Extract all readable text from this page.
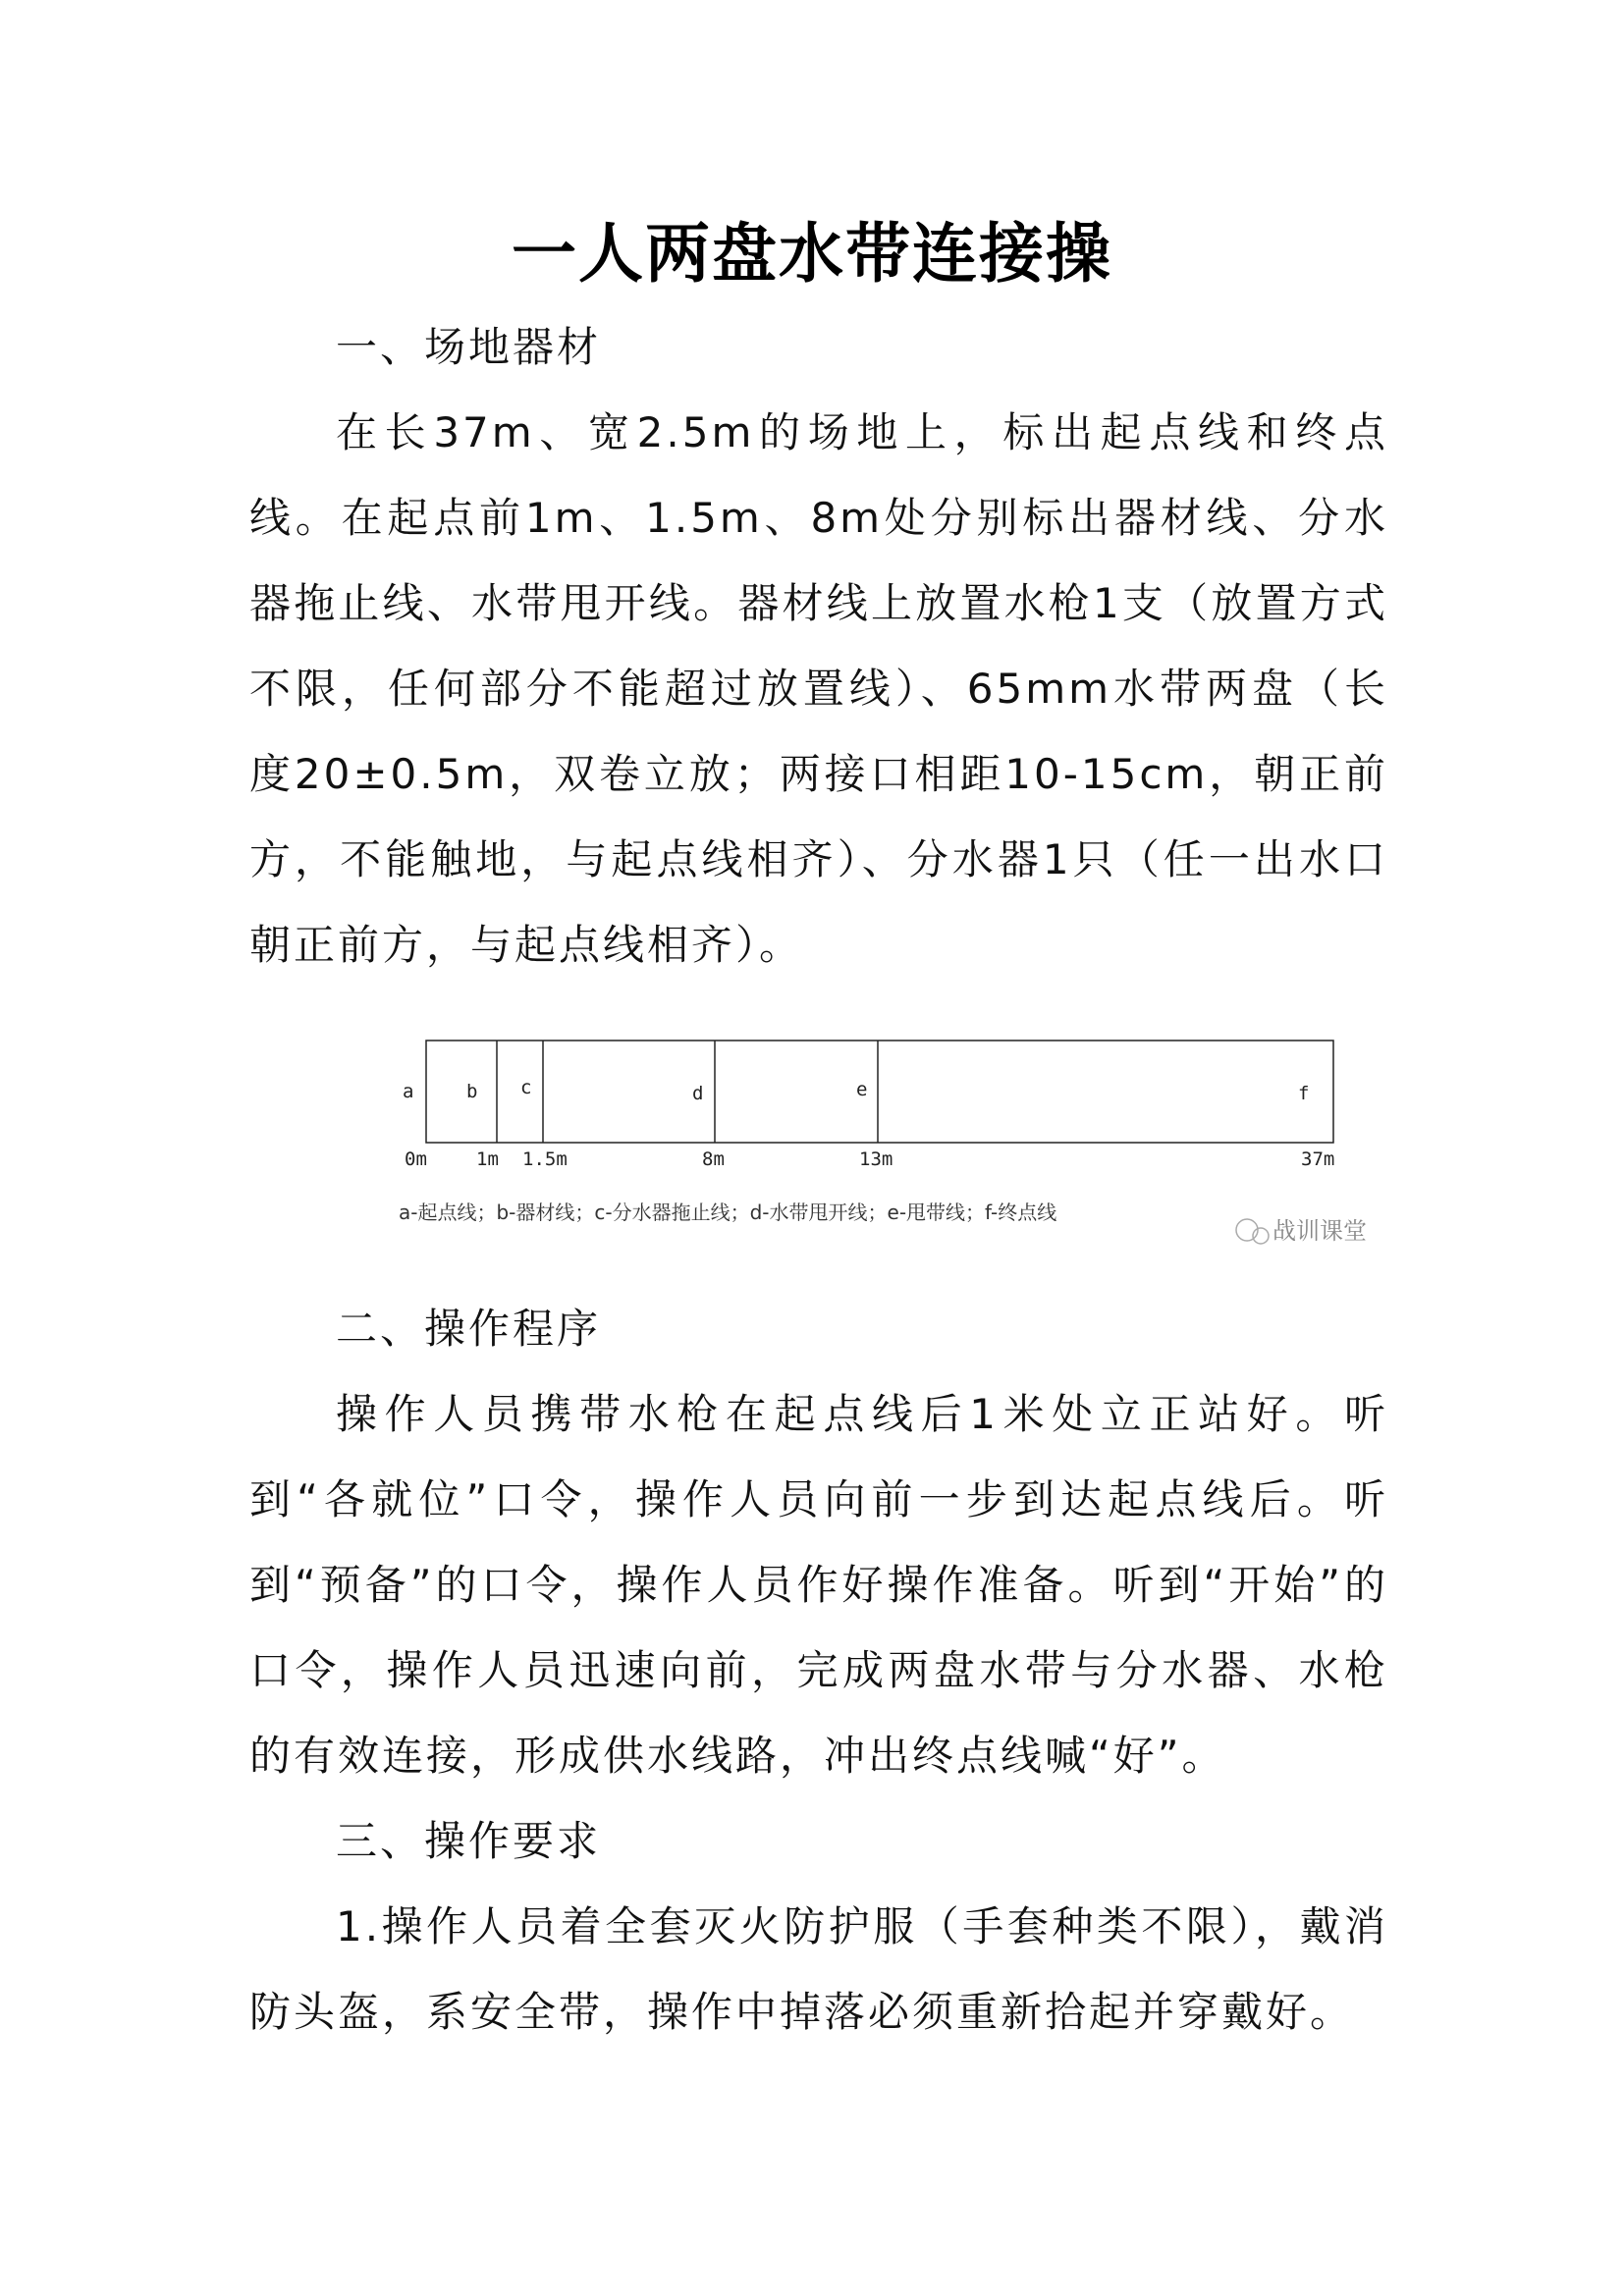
一人两盘水带连接操
一、场地器材
在长37m、宽2.5m的场地上，标出起点线和终点线。在起点前1m、1.5m、8m处分别标出器材线、分水器拖止线、水带甩开线。器材线上放置水枪1支（放置方式不限，任何部分不能超过放置线）、65mm水带两盘（长度20±0.5m，双卷立放；两接口相距10-15cm，朝正前方，不能触地，与起点线相齐）、分水器1只（任一出水口朝正前方，与起点线相齐）。
a	b c	d	e	f
0m	1m 1.5m	8m	13m	37m
a-起点线；b-器材线；c-分水器拖止线；d-水带甩开线；e-甩带线；f-终点线
战训课堂
二、操作程序
操作人员携带水枪在起点线后1米处立正站好。听到“各就位”口令，操作人员向前一步到达起点线后。听到“预备”的口令，操作人员作好操作准备。听到“开始”的口令，操作人员迅速向前，完成两盘水带与分水器、水枪的有效连接，形成供水线路，冲出终点线喊“好”。
三、操作要求
1.操作人员着全套灭火防护服（手套种类不限），戴消防头盔，系安全带，操作中掉落必须重新拾起并穿戴好。
